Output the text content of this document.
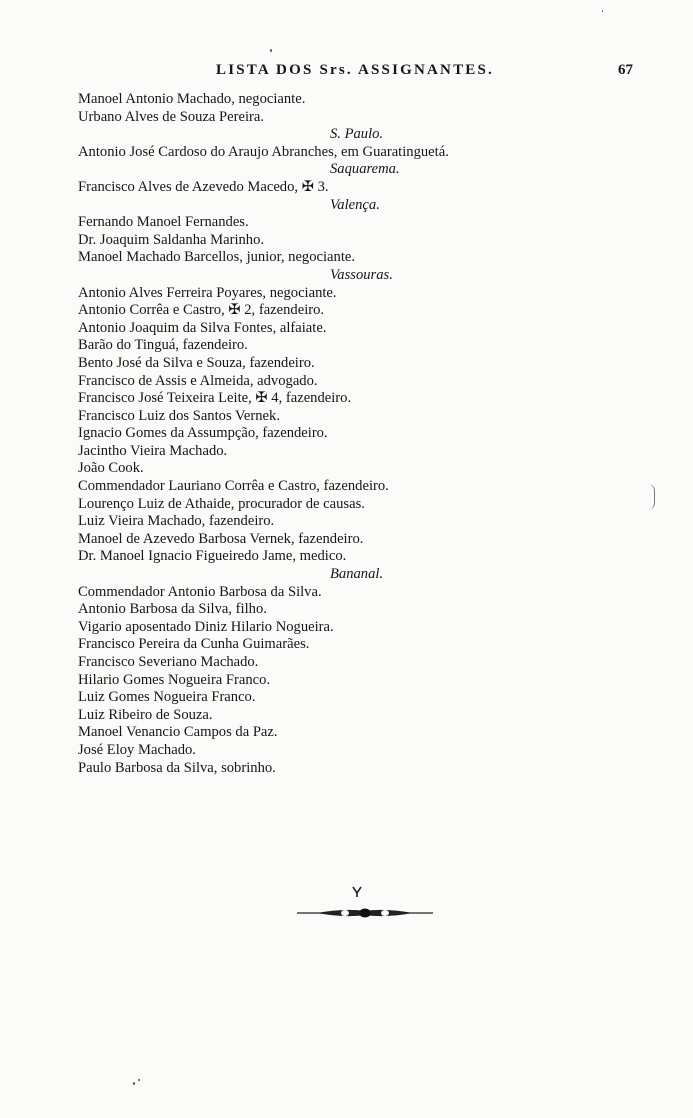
LISTA DOS Srs. ASSIGNANTES.	67
Manoel Antonio Machado, negociante.
Urbano Alves de Souza Pereira.
S. Paulo.
Antonio José Cardoso do Araujo Abranches, em Guaratinguetá.
Saquarema.
Francisco Alves de Azevedo Macedo, ✠ 3.
Valença.
Fernando Manoel Fernandes.
Dr. Joaquim Saldanha Marinho.
Manoel Machado Barcellos, junior, negociante.
Vassouras.
Antonio Alves Ferreira Poyares, negociante.
Antonio Corrêa e Castro, ✠ 2, fazendeiro.
Antonio Joaquim da Silva Fontes, alfaiate.
Barão do Tinguá, fazendeiro.
Bento José da Silva e Souza, fazendeiro.
Francisco de Assis e Almeida, advogado.
Francisco José Teixeira Leite, ✠ 4, fazendeiro.
Francisco Luiz dos Santos Vernek.
Ignacio Gomes da Assumpção, fazendeiro.
Jacintho Vieira Machado.
João Cook.
Commendador Lauriano Corrêa e Castro, fazendeiro.
Lourenço Luiz de Athaide, procurador de causas.
Luiz Vieira Machado, fazendeiro.
Manoel de Azevedo Barbosa Vernek, fazendeiro.
Dr. Manoel Ignacio Figueiredo Jame, medico.
Bananal.
Commendador Antonio Barbosa da Silva.
Antonio Barbosa da Silva, filho.
Vigario aposentado Diniz Hilario Nogueira.
Francisco Pereira da Cunha Guimarães.
Francisco Severiano Machado.
Hilario Gomes Nogueira Franco.
Luiz Gomes Nogueira Franco.
Luiz Ribeiro de Souza.
Manoel Venancio Campos da Paz.
José Eloy Machado.
Paulo Barbosa da Silva, sobrinho.
